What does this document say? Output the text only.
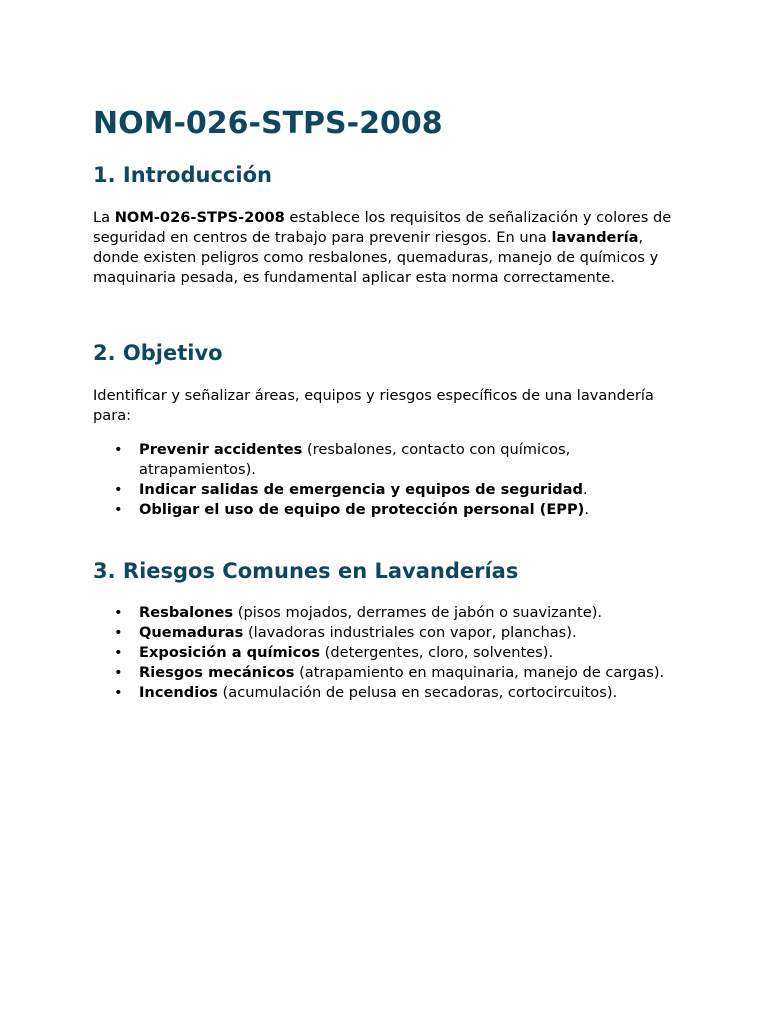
NOM-026-STPS-2008
1. Introducción

La NOM-026-STPS-2008 establece los requisitos de señalización y colores de seguridad en centros de trabajo para prevenir riesgos. En una lavandería, donde existen peligros como resbalones, quemaduras, manejo de químicos y maquinaria pesada, es fundamental aplicar esta norma correctamente.

2. Objetivo

Identificar y señalizar áreas, equipos y riesgos específicos de una lavandería para:

• Prevenir accidentes (resbalones, contacto con químicos, atrapamientos).
• Indicar salidas de emergencia y equipos de seguridad.
• Obligar el uso de equipo de protección personal (EPP).
3. Riesgos Comunes en Lavanderías
• Resbalones (pisos mojados, derrames de jabón o suavizante).
• Quemaduras (lavadoras industriales con vapor, planchas).
• Exposición a químicos (detergentes, cloro, solventes).
• Riesgos mecánicos (atrapamiento en maquinaria, manejo de cargas).
• Incendios (acumulación de pelusa en secadoras, cortocircuitos).
